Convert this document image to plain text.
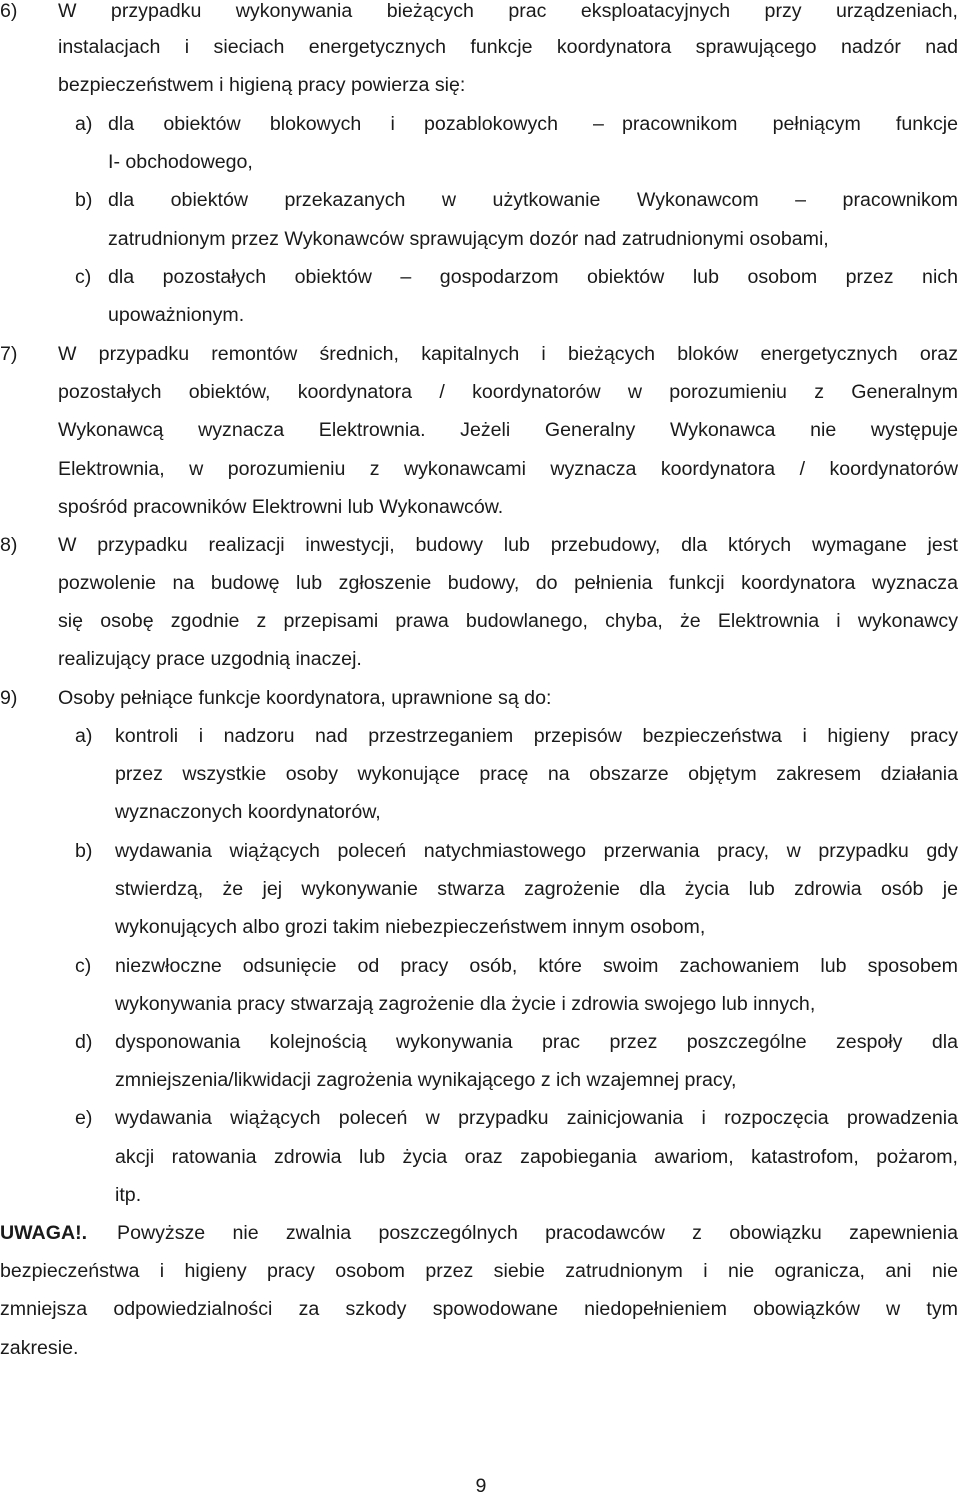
6) W przypadku wykonywania bieżących prac eksploatacyjnych przy urządzeniach,
instalacjach i sieciach energetycznych funkcje koordynatora sprawującego nadzór nad
bezpieczeństwem i higieną pracy powierza się:
a) dla obiektów blokowych i pozablokowych – pracownikom pełniącym funkcje
I- obchodowego,
b) dla obiektów przekazanych w użytkowanie Wykonawcom – pracownikom
zatrudnionym przez Wykonawców sprawującym dozór nad zatrudnionymi osobami,
c) dla pozostałych obiektów – gospodarzom obiektów lub osobom przez nich
upoważnionym.
7) W przypadku remontów średnich, kapitalnych i bieżących bloków energetycznych oraz
pozostałych obiektów, koordynatora / koordynatorów w porozumieniu z Generalnym
Wykonawcą wyznacza Elektrownia. Jeżeli Generalny Wykonawca nie występuje
Elektrownia, w porozumieniu z wykonawcami wyznacza koordynatora / koordynatorów
spośród pracowników Elektrowni lub Wykonawców.
8) W przypadku realizacji inwestycji, budowy lub przebudowy, dla których wymagane jest
pozwolenie na budowę lub zgłoszenie budowy, do pełnienia funkcji koordynatora wyznacza
się osobę zgodnie z przepisami prawa budowlanego, chyba, że Elektrownia i wykonawcy
realizujący prace uzgodnią inaczej.
9) Osoby pełniące funkcje koordynatora, uprawnione są do:
a) kontroli i nadzoru nad przestrzeganiem przepisów bezpieczeństwa i higieny pracy
przez wszystkie osoby wykonujące pracę na obszarze objętym zakresem działania
wyznaczonych koordynatorów,
b) wydawania wiążących poleceń natychmiastowego przerwania pracy, w przypadku gdy
stwierdzą, że jej wykonywanie stwarza zagrożenie dla życia lub zdrowia osób je
wykonujących albo grozi takim niebezpieczeństwem innym osobom,
c) niezwłoczne odsunięcie od pracy osób, które swoim zachowaniem lub sposobem
wykonywania pracy stwarzają zagrożenie dla życie i zdrowia swojego lub innych,
d) dysponowania kolejnością wykonywania prac przez poszczególne zespoły dla
zmniejszenia/likwidacji zagrożenia wynikającego z ich wzajemnej pracy,
e) wydawania wiążących poleceń w przypadku zainicjowania i rozpoczęcia prowadzenia
akcji ratowania zdrowia lub życia oraz zapobiegania awariom, katastrofom, pożarom,
itp.
UWAGA!. Powyższe nie zwalnia poszczególnych pracodawców z obowiązku zapewnienia
bezpieczeństwa i higieny pracy osobom przez siebie zatrudnionym i nie ogranicza, ani nie
zmniejsza odpowiedzialności za szkody spowodowane niedopełnieniem obowiązków w tym
zakresie.
9
